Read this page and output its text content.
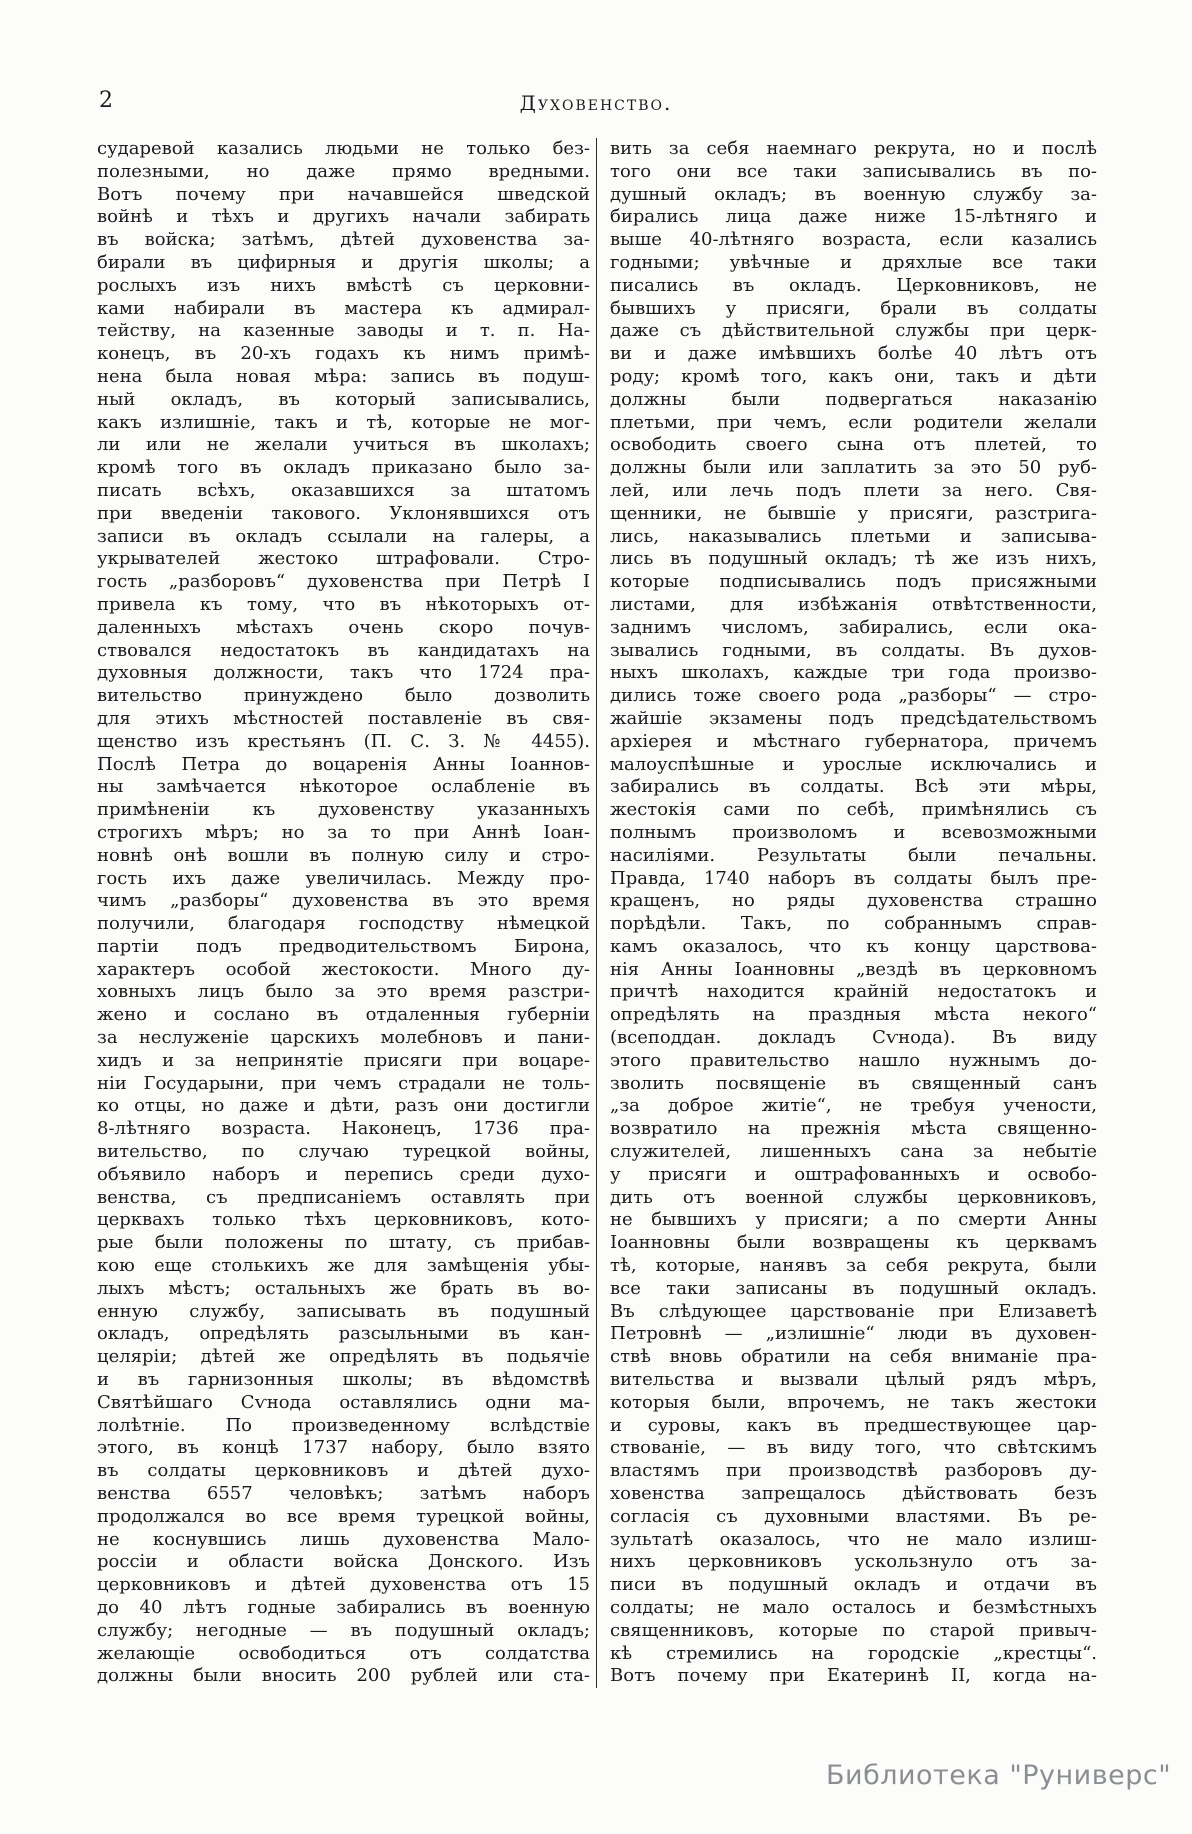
2	Духовенство.
сударевой казались людьми не только без-
полезными, но даже прямо вредными.
Вотъ почему при начавшейся шведской
войнѣ и тѣхъ и другихъ начали забирать
въ войска; затѣмъ, дѣтей духовенства за-
бирали въ цифирныя и другія школы; а
рослыхъ изъ нихъ вмѣстѣ съ церковни-
ками набирали въ мастера къ адмирал-
тейству, на казенные заводы и т. п. На-
конецъ, въ 20-хъ годахъ къ нимъ примѣ-
нена была новая мѣра: запись въ подуш-
ный окладъ, въ который записывались,
какъ излишніе, такъ и тѣ, которые не мог-
ли или не желали учиться въ школахъ;
кромѣ того въ окладъ приказано было за-
писать всѣхъ, оказавшихся за штатомъ
при введеніи такового. Уклонявшихся отъ
записи въ окладъ ссылали на галеры, а
укрывателей жестоко штрафовали. Стро-
гость „разборовъ“ духовенства при Петрѣ I
привела къ тому, что въ нѣкоторыхъ от-
даленныхъ мѣстахъ очень скоро почув-
ствовался недостатокъ въ кандидатахъ на
духовныя должности, такъ что 1724 пра-
вительство принуждено было дозволить
для этихъ мѣстностей поставленіе въ свя-
щенство изъ крестьянъ (П. С. З. № 4455).
Послѣ Петра до воцаренія Анны Іоаннов-
ны замѣчается нѣкоторое ослабленіе въ
примѣненіи къ духовенству указанныхъ
строгихъ мѣръ; но за то при Аннѣ Іоан-
новнѣ онѣ вошли въ полную силу и стро-
гость ихъ даже увеличилась. Между про-
чимъ „разборы“ духовенства въ это время
получили, благодаря господству нѣмецкой
партіи подъ предводительствомъ Бирона,
характеръ особой жестокости. Много ду-
ховныхъ лицъ было за это время разстри-
жено и сослано въ отдаленныя губерніи
за неслуженіе царскихъ молебновъ и пани-
хидъ и за непринятіе присяги при воцаре-
ніи Государыни, при чемъ страдали не толь-
ко отцы, но даже и дѣти, разъ они достигли
8-лѣтняго возраста. Наконецъ, 1736 пра-
вительство, по случаю турецкой войны,
объявило наборъ и перепись среди духо-
венства, съ предписаніемъ оставлять при
церквахъ только тѣхъ церковниковъ, кото-
рые были положены по штату, съ прибав-
кою еще столькихъ же для замѣщенія убы-
лыхъ мѣстъ; остальныхъ же брать въ во-
енную службу, записывать въ подушный
окладъ, опредѣлять разсыльными въ кан-
целяріи; дѣтей же опредѣлять въ подьячіе
и въ гарнизонныя школы; въ вѣдомствѣ
Святѣйшаго Сѵнода оставлялись одни ма-
лолѣтніе. По произведенному вслѣдствіе
этого, въ концѣ 1737 набору, было взято
въ солдаты церковниковъ и дѣтей духо-
венства 6557 человѣкъ; затѣмъ наборъ
продолжался во все время турецкой войны,
не коснувшись лишь духовенства Мало-
россіи и области войска Донского. Изъ
церковниковъ и дѣтей духовенства отъ 15
до 40 лѣтъ годные забирались въ военную
службу; негодные — въ подушный окладъ;
желающіе освободиться отъ солдатства
должны были вносить 200 рублей или ста-
вить за себя наемнаго рекрута, но и послѣ
того они все таки записывались въ по-
душный окладъ; въ военную службу за-
бирались лица даже ниже 15-лѣтняго и
выше 40-лѣтняго возраста, если казались
годными; увѣчные и дряхлые все таки
писались въ окладъ. Церковниковъ, не
бывшихъ у присяги, брали въ солдаты
даже съ дѣйствительной службы при церк-
ви и даже имѣвшихъ болѣе 40 лѣтъ отъ
роду; кромѣ того, какъ они, такъ и дѣти
должны были подвергаться наказанію
плетьми, при чемъ, если родители желали
освободить своего сына отъ плетей, то
должны были или заплатить за это 50 руб-
лей, или лечь подъ плети за него. Свя-
щенники, не бывшіе у присяги, разстрига-
лись, наказывались плетьми и записыва-
лись въ подушный окладъ; тѣ же изъ нихъ,
которые подписывались подъ присяжными
листами, для избѣжанія отвѣтственности,
заднимъ числомъ, забирались, если ока-
зывались годными, въ солдаты. Въ духов-
ныхъ школахъ, каждые три года произво-
дились тоже своего рода „разборы“ — стро-
жайшіе экзамены подъ предсѣдательствомъ
архіерея и мѣстнаго губернатора, причемъ
малоуспѣшные и урослые исключались и
забирались въ солдаты. Всѣ эти мѣры,
жестокія сами по себѣ, примѣнялись съ
полнымъ произволомъ и всевозможными
насиліями. Результаты были печальны.
Правда, 1740 наборъ въ солдаты былъ пре-
кращенъ, но ряды духовенства страшно
порѣдѣли. Такъ, по собраннымъ справ-
камъ оказалось, что къ концу царствова-
нія Анны Іоанновны „вездѣ въ церковномъ
причтѣ находится крайній недостатокъ и
опредѣлять на праздныя мѣста некого“
(всеподдан. докладъ Сѵнода). Въ виду
этого правительство нашло нужнымъ до-
зволить посвященіе въ священный санъ
„за доброе житіе“, не требуя учености,
возвратило на прежнія мѣста священно-
служителей, лишенныхъ сана за небытіе
у присяги и оштрафованныхъ и освобо-
дить отъ военной службы церковниковъ,
не бывшихъ у присяги; а по смерти Анны
Іоанновны были возвращены къ церквамъ
тѣ, которые, нанявъ за себя рекрута, были
все таки записаны въ подушный окладъ.
Въ слѣдующее царствованіе при Елизаветѣ
Петровнѣ — „излишніе“ люди въ духовен-
ствѣ вновь обратили на себя вниманіе пра-
вительства и вызвали цѣлый рядъ мѣръ,
которыя были, впрочемъ, не такъ жестоки
и суровы, какъ въ предшествующее цар-
ствованіе, — въ виду того, что свѣтскимъ
властямъ при производствѣ разборовъ ду-
ховенства запрещалось дѣйствовать безъ
согласія съ духовными властями. Въ ре-
зультатѣ оказалось, что не мало излиш-
нихъ церковниковъ ускользнуло отъ за-
писи въ подушный окладъ и отдачи въ
солдаты; не мало осталось и безмѣстныхъ
священниковъ, которые по старой привыч-
кѣ стремились на городскіе „крестцы“.
Вотъ почему при Екатеринѣ II, когда на-
Библиотека "Руниверс"
